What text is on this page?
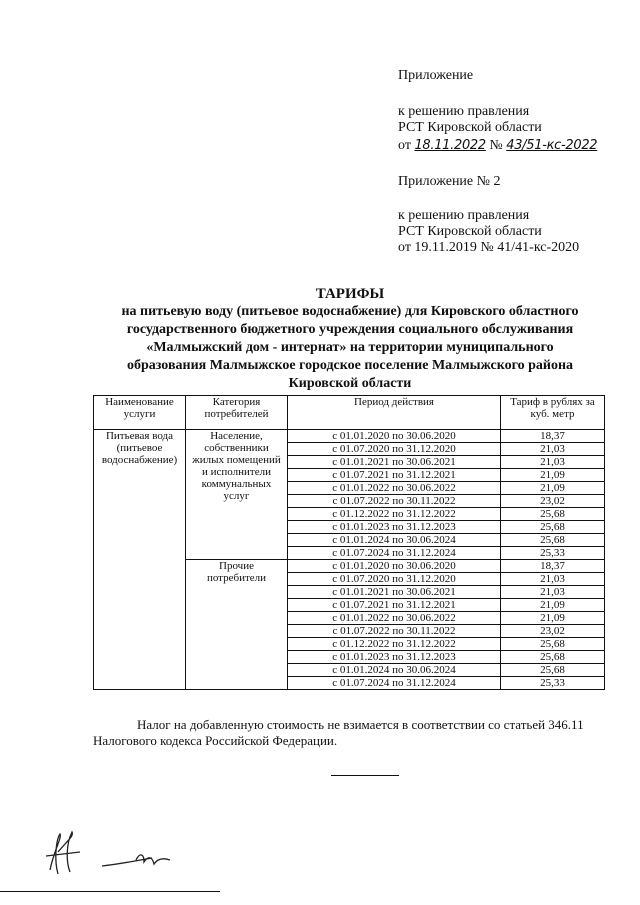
Приложение
к решению правления
РСТ Кировской области
от 18.11.2022 № 43/51-кс-2022
Приложение № 2
к решению правления
РСТ Кировской области
от 19.11.2019 № 41/41-кс-2020
ТАРИФЫ
на питьевую воду (питьевое водоснабжение) для Кировского областного
государственного бюджетного учреждения социального обслуживания
«Малмыжский дом - интернат» на территории муниципального
образования Малмыжское городское поселение Малмыжского района
Кировской области
Наименование услуги	Категория потребителей	Период действия	Тариф в рублях за куб. метр
Питьевая вода (питьевое водоснабжение)	Население, собственники жилых помещений и исполнители коммунальных услуг	с 01.01.2020 по 30.06.2020	18,37
		с 01.07.2020 по 31.12.2020	21,03
		с 01.01.2021 по 30.06.2021	21,03
		с 01.07.2021 по 31.12.2021	21,09
		с 01.01.2022 по 30.06.2022	21,09
		с 01.07.2022 по 30.11.2022	23,02
		с 01.12.2022 по 31.12.2022	25,68
		с 01.01.2023 по 31.12.2023	25,68
		с 01.01.2024 по 30.06.2024	25,68
		с 01.07.2024 по 31.12.2024	25,33
	Прочие потребители	с 01.01.2020 по 30.06.2020	18,37
		с 01.07.2020 по 31.12.2020	21,03
		с 01.01.2021 по 30.06.2021	21,03
		с 01.07.2021 по 31.12.2021	21,09
		с 01.01.2022 по 30.06.2022	21,09
		с 01.07.2022 по 30.11.2022	23,02
		с 01.12.2022 по 31.12.2022	25,68
		с 01.01.2023 по 31.12.2023	25,68
		с 01.01.2024 по 30.06.2024	25,68
		с 01.07.2024 по 31.12.2024	25,33
Налог на добавленную стоимость не взимается в соответствии со статьей 346.11 Налогового кодекса Российской Федерации.
